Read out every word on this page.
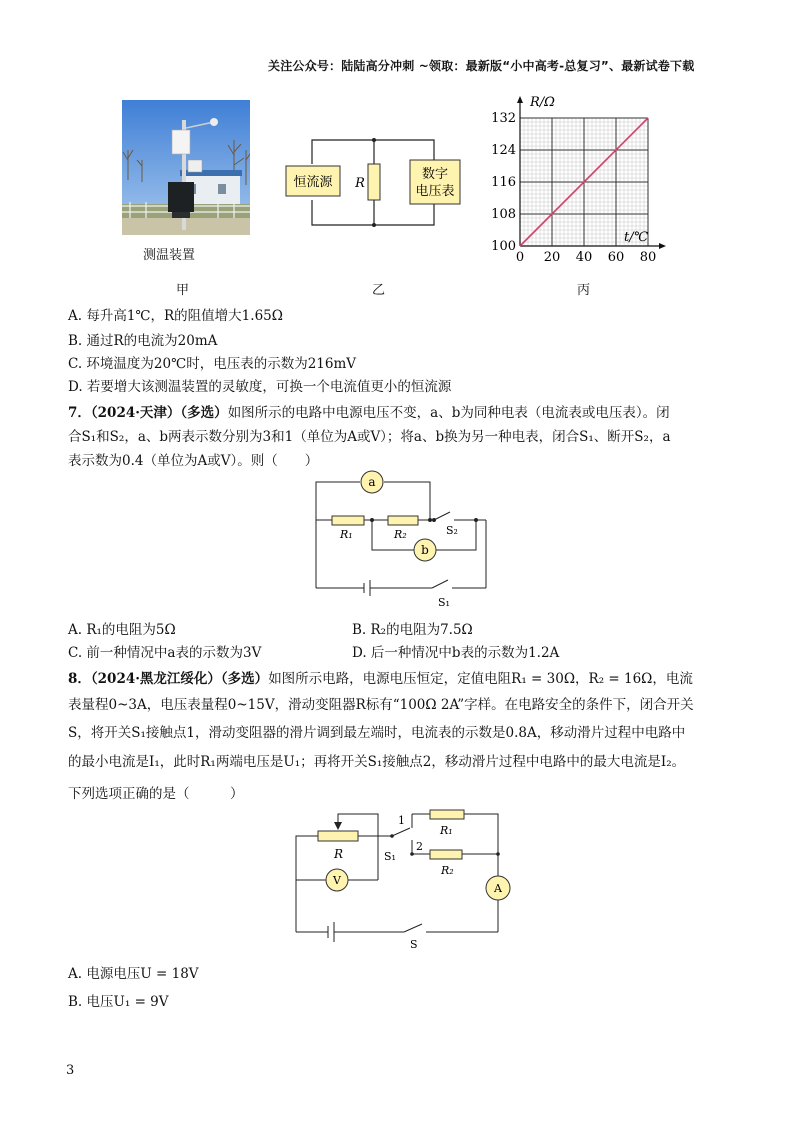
关注公众号：陆陆高分冲刺 ~领取：最新版“小中高考-总复习”、最新试卷下载
测温装置
甲
恒流源 R
数字
电压表
乙
0 20 40 60 80
100
108
116
124
132
R/Ω
t/℃
丙
A. 每升高1℃，R的阻值增大1.65Ω
B. 通过R的电流为20mA
C. 环境温度为20℃时，电压表的示数为216mV
D. 若要增大该测温装置的灵敏度，可换一个电流值更小的恒流源
7．（2024·天津）（多选）如图所示的电路中电源电压不变，a、b为同种电表（电流表或电压表）。闭
合S₁和S₂，a、b两表示数分别为3和1（单位为A或V）；将a、b换为另一种电表，闭合S₁、断开S₂，a
表示数为0.4（单位为A或V）。则（　　）
a
b
R₁	R₂	S₂
S₁
A. R₁的电阻为5Ω	B. R₂的电阻为7.5Ω
C. 前一种情况中a表的示数为3V	D. 后一种情况中b表的示数为1.2A
8．（2024·黑龙江绥化）（多选）如图所示电路，电源电压恒定，定值电阻R₁ = 30Ω，R₂ = 16Ω，电流
表量程0~3A，电压表量程0~15V，滑动变阻器R标有“100Ω 2A”字样。在电路安全的条件下，闭合开关
S，将开关S₁接触点1，滑动变阻器的滑片调到最左端时，电流表的示数是0.8A，移动滑片过程中电路中
的最小电流是I₁，此时R₁两端电压是U₁；再将开关S₁接触点2，移动滑片过程中电路中的最大电流是I₂。
下列选项正确的是（　　　）
V
A
R
R₁
R₂
S₁
1
2
S
A. 电源电压U = 18V
B. 电压U₁ = 9V
3
